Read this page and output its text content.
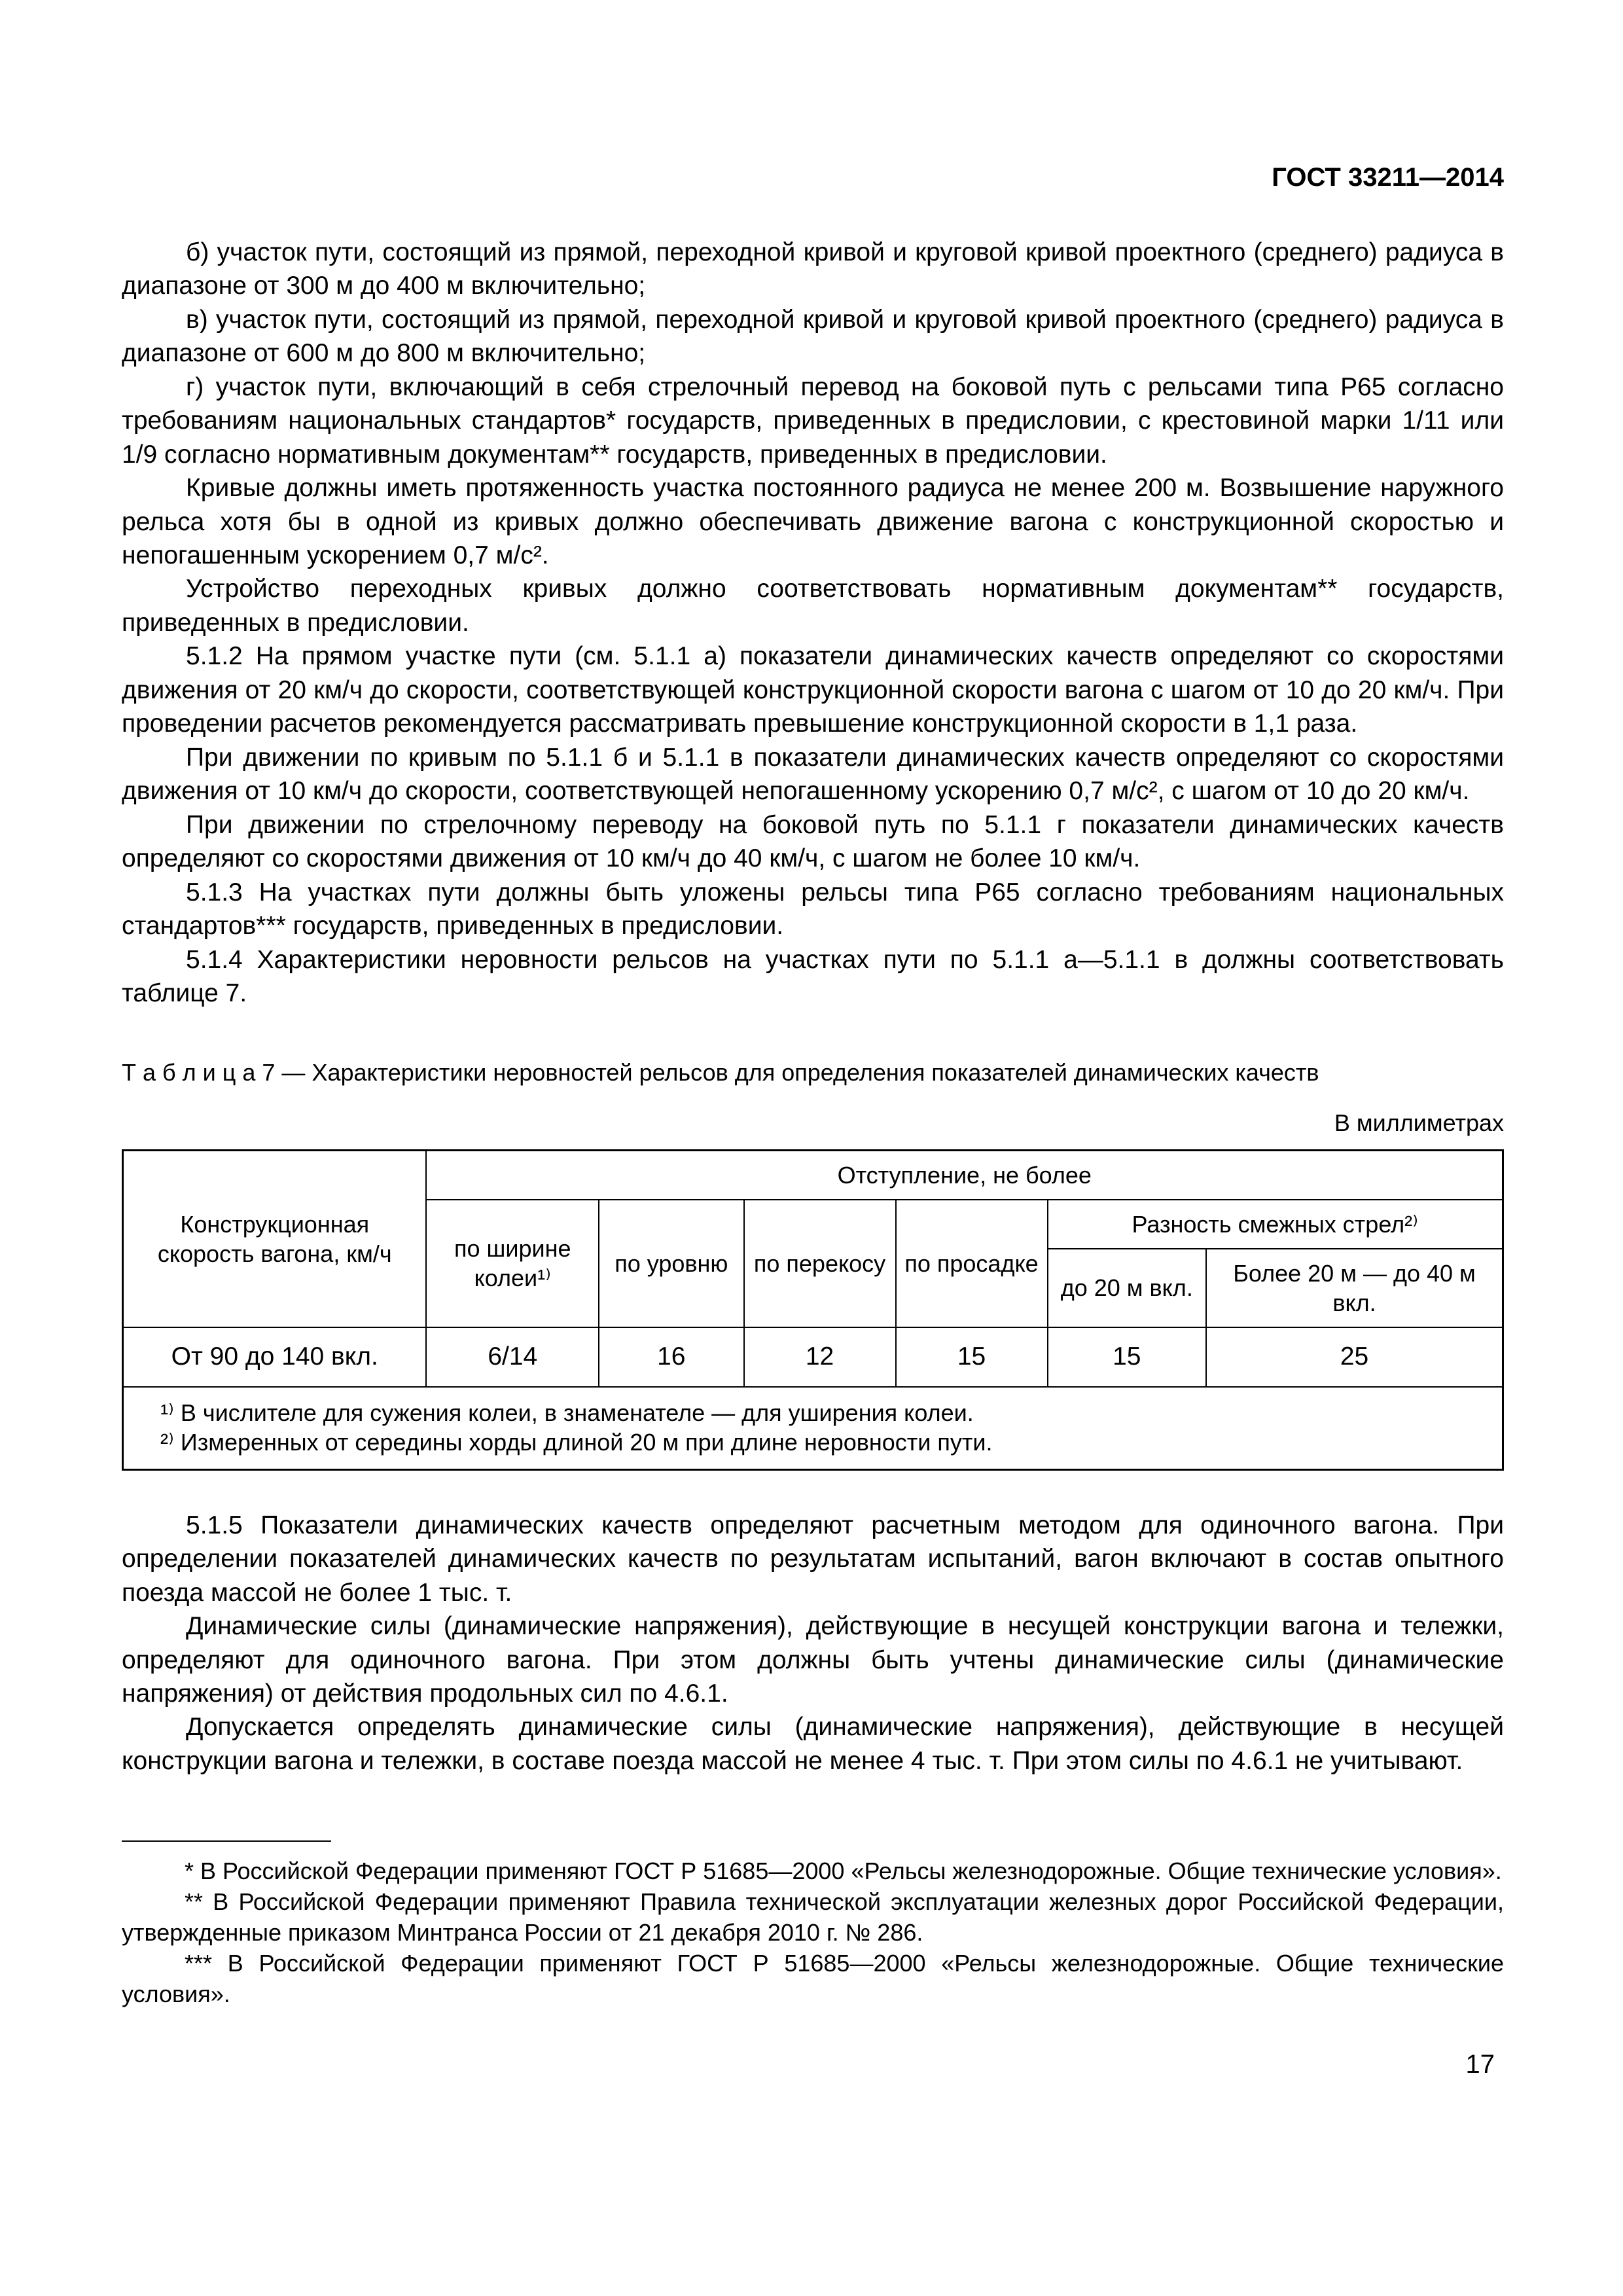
ГОСТ 33211—2014

б) участок пути, состоящий из прямой, переходной кривой и круговой кривой проектного (среднего) радиуса в диапазоне от 300 м до 400 м включительно;

в) участок пути, состоящий из прямой, переходной кривой и круговой кривой проектного (среднего) радиуса в диапазоне от 600 м до 800 м включительно;

г) участок пути, включающий в себя стрелочный перевод на боковой путь с рельсами типа Р65 согласно требованиям национальных стандартов* государств, приведенных в предисловии, с крестовиной марки 1/11 или 1/9 согласно нормативным документам** государств, приведенных в предисловии.

Кривые должны иметь протяженность участка постоянного радиуса не менее 200 м. Возвышение наружного рельса хотя бы в одной из кривых должно обеспечивать движение вагона с конструкционной скоростью и непогашенным ускорением 0,7 м/с².

Устройство переходных кривых должно соответствовать нормативным документам** государств, приведенных в предисловии.

5.1.2 На прямом участке пути (см. 5.1.1 а) показатели динамических качеств определяют со скоростями движения от 20 км/ч до скорости, соответствующей конструкционной скорости вагона с шагом от 10 до 20 км/ч. При проведении расчетов рекомендуется рассматривать превышение конструкционной скорости в 1,1 раза.

При движении по кривым по 5.1.1 б и 5.1.1 в показатели динамических качеств определяют со скоростями движения от 10 км/ч до скорости, соответствующей непогашенному ускорению 0,7 м/с², с шагом от 10 до 20 км/ч.

При движении по стрелочному переводу на боковой путь по 5.1.1 г показатели динамических качеств определяют со скоростями движения от 10 км/ч до 40 км/ч, с шагом не более 10 км/ч.

5.1.3 На участках пути должны быть уложены рельсы типа Р65 согласно требованиям национальных стандартов*** государств, приведенных в предисловии.

5.1.4 Характеристики неровности рельсов на участках пути по 5.1.1 а—5.1.1 в должны соответствовать таблице 7.

Т а б л и ц а 7 — Характеристики неровностей рельсов для определения показателей динамических качеств
В миллиметрах
Конструкционная скорость вагона, км/ч	Отступление, не более					
	по ширине колеи¹⁾	по уровню	по перекосу	по просадке	Разность смежных стрел²⁾	
					до 20 м вкл.	Более 20 м — до 40 м вкл.
От 90 до 140 вкл.	6/14	16	12	15	15	25

¹⁾ В числителе для сужения колеи, в знаменателе — для уширения колеи.
²⁾ Измеренных от середины хорды длиной 20 м при длине неровности пути.						

5.1.5 Показатели динамических качеств определяют расчетным методом для одиночного вагона. При определении показателей динамических качеств по результатам испытаний, вагон включают в состав опытного поезда массой не более 1 тыс. т.

Динамические силы (динамические напряжения), действующие в несущей конструкции вагона и тележки, определяют для одиночного вагона. При этом должны быть учтены динамические силы (динамические напряжения) от действия продольных сил по 4.6.1.

Допускается определять динамические силы (динамические напряжения), действующие в несущей конструкции вагона и тележки, в составе поезда массой не менее 4 тыс. т. При этом силы по 4.6.1 не учитывают.

* В Российской Федерации применяют ГОСТ Р 51685—2000 «Рельсы железнодорожные. Общие технические условия».

** В Российской Федерации применяют Правила технической эксплуатации железных дорог Российской Федерации, утвержденные приказом Минтранса России от 21 декабря 2010 г. № 286.

*** В Российской Федерации применяют ГОСТ Р 51685—2000 «Рельсы железнодорожные. Общие технические условия».

17
